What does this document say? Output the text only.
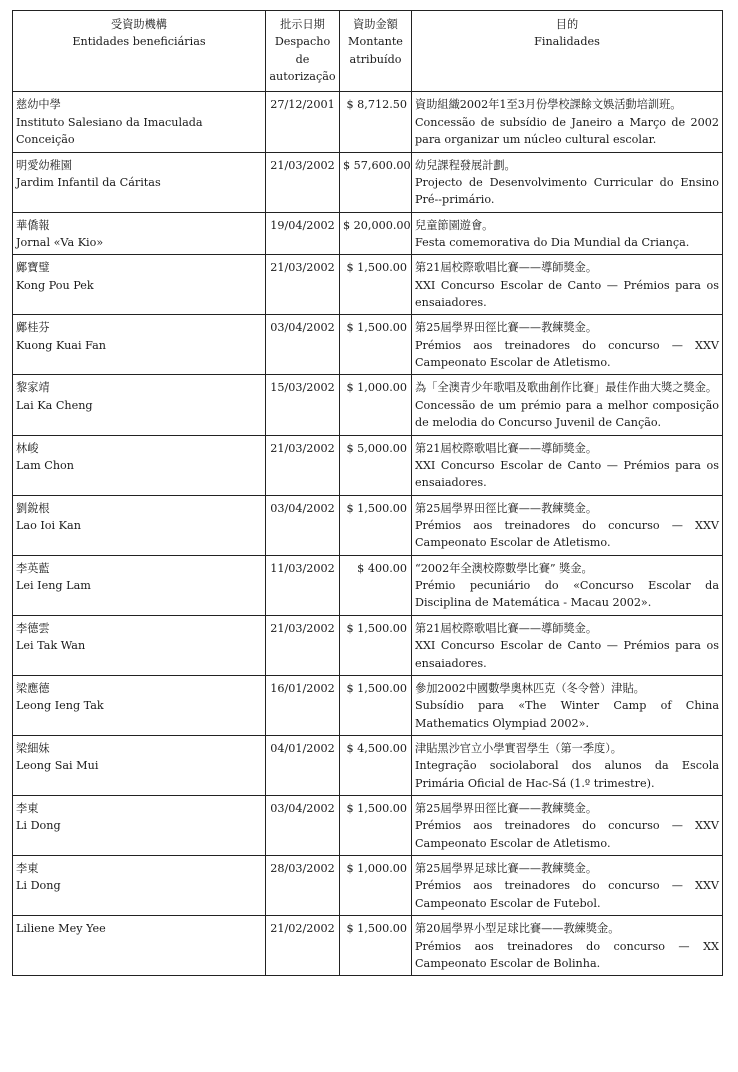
受資助機構
Entidades beneficiárias	批示日期
Despacho de
autorização	資助金額
Montante
atribuído	目的
Finalidades

慈幼中學
Instituto Salesiano da Imaculada Conceição	27/12/2001	$ 8,712.50	資助組織2002年1至3月份學校課餘文娛活動培訓班。
Concessão de subsídio de Janeiro a Março de 2002 para organizar um núcleo cultural escolar.

明愛幼稚園
Jardim Infantil da Cáritas	21/03/2002	$ 57,600.00	幼兒課程發展計劃。
Projecto de Desenvolvimento Curricular do Ensino Pré--primário.

華僑報
Jornal «Va Kio»	19/04/2002	$ 20,000.00	兒童節園遊會。
Festa comemorativa do Dia Mundial da Criança.

鄺寶璧
Kong Pou Pek	21/03/2002	$ 1,500.00	第21屆校際歌唱比賽——導師獎金。
XXI Concurso Escolar de Canto — Prémios para os ensaiadores.

鄺桂芬
Kuong Kuai Fan	03/04/2002	$ 1,500.00	第25屆學界田徑比賽——教練獎金。
Prémios aos treinadores do concurso — XXV Campeonato Escolar de Atletismo.

黎家靖
Lai Ka Cheng	15/03/2002	$ 1,000.00	為「全澳青少年歌唱及歌曲創作比賽」最佳作曲大獎之獎金。
Concessão de um prémio para a melhor composição de melodia do Concurso Juvenil de Canção.

林峻
Lam Chon	21/03/2002	$ 5,000.00	第21屆校際歌唱比賽——導師獎金。
XXI Concurso Escolar de Canto — Prémios para os ensaiadores.

劉銳根
Lao Ioi Kan	03/04/2002	$ 1,500.00	第25屆學界田徑比賽——教練獎金。
Prémios aos treinadores do concurso — XXV Campeonato Escolar de Atletismo.

李英藍
Lei Ieng Lam	11/03/2002	$ 400.00	“2002年全澳校際數學比賽” 獎金。
Prémio pecuniário do «Concurso Escolar da Disciplina de Matemática - Macau 2002».

李德雲
Lei Tak Wan	21/03/2002	$ 1,500.00	第21屆校際歌唱比賽——導師獎金。
XXI Concurso Escolar de Canto — Prémios para os ensaiadores.

梁應德
Leong Ieng Tak	16/01/2002	$ 1,500.00	參加2002中國數學奧林匹克（冬令營）津貼。
Subsídio para «The Winter Camp of China Mathematics Olympiad 2002».

梁細妹
Leong Sai Mui	04/01/2002	$ 4,500.00	津貼黑沙官立小學實習學生（第一季度）。
Integração sociolaboral dos alunos da Escola Primária Oficial de Hac-Sá (1.º trimestre).

李東
Li Dong	03/04/2002	$ 1,500.00	第25屆學界田徑比賽——教練獎金。
Prémios aos treinadores do concurso — XXV Campeonato Escolar de Atletismo.

李東
Li Dong	28/03/2002	$ 1,000.00	第25屆學界足球比賽——教練獎金。
Prémios aos treinadores do concurso — XXV Campeonato Escolar de Futebol.

Liliene Mey Yee	21/02/2002	$ 1,500.00	第20屆學界小型足球比賽——教練獎金。
Prémios aos treinadores do concurso — XX Campeonato Escolar de Bolinha.
